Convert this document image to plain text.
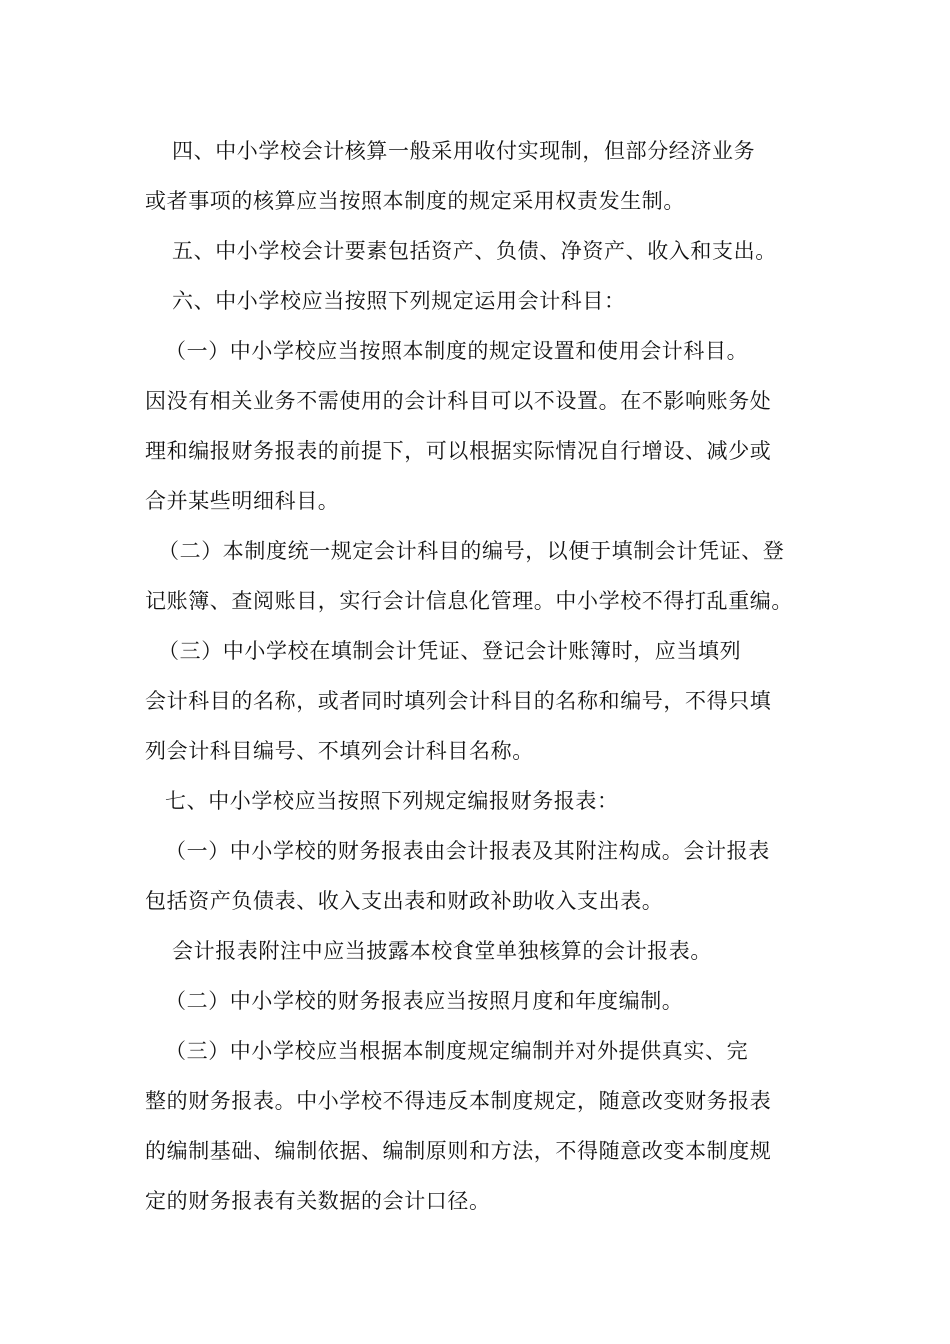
四、中小学校会计核算一般采用收付实现制，但部分经济业务
或者事项的核算应当按照本制度的规定采用权责发生制。
五、中小学校会计要素包括资产、负债、净资产、收入和支出。
六、中小学校应当按照下列规定运用会计科目：
（一）中小学校应当按照本制度的规定设置和使用会计科目。
因没有相关业务不需使用的会计科目可以不设置。在不影响账务处
理和编报财务报表的前提下，可以根据实际情况自行增设、减少或
合并某些明细科目。
（二）本制度统一规定会计科目的编号，以便于填制会计凭证、登
记账簿、查阅账目，实行会计信息化管理。中小学校不得打乱重编。
（三）中小学校在填制会计凭证、登记会计账簿时，应当填列
会计科目的名称，或者同时填列会计科目的名称和编号，不得只填
列会计科目编号、不填列会计科目名称。
七、中小学校应当按照下列规定编报财务报表：
（一）中小学校的财务报表由会计报表及其附注构成。会计报表
包括资产负债表、收入支出表和财政补助收入支出表。
会计报表附注中应当披露本校食堂单独核算的会计报表。
（二）中小学校的财务报表应当按照月度和年度编制。
（三）中小学校应当根据本制度规定编制并对外提供真实、完
整的财务报表。中小学校不得违反本制度规定，随意改变财务报表
的编制基础、编制依据、编制原则和方法，不得随意改变本制度规
定的财务报表有关数据的会计口径。
